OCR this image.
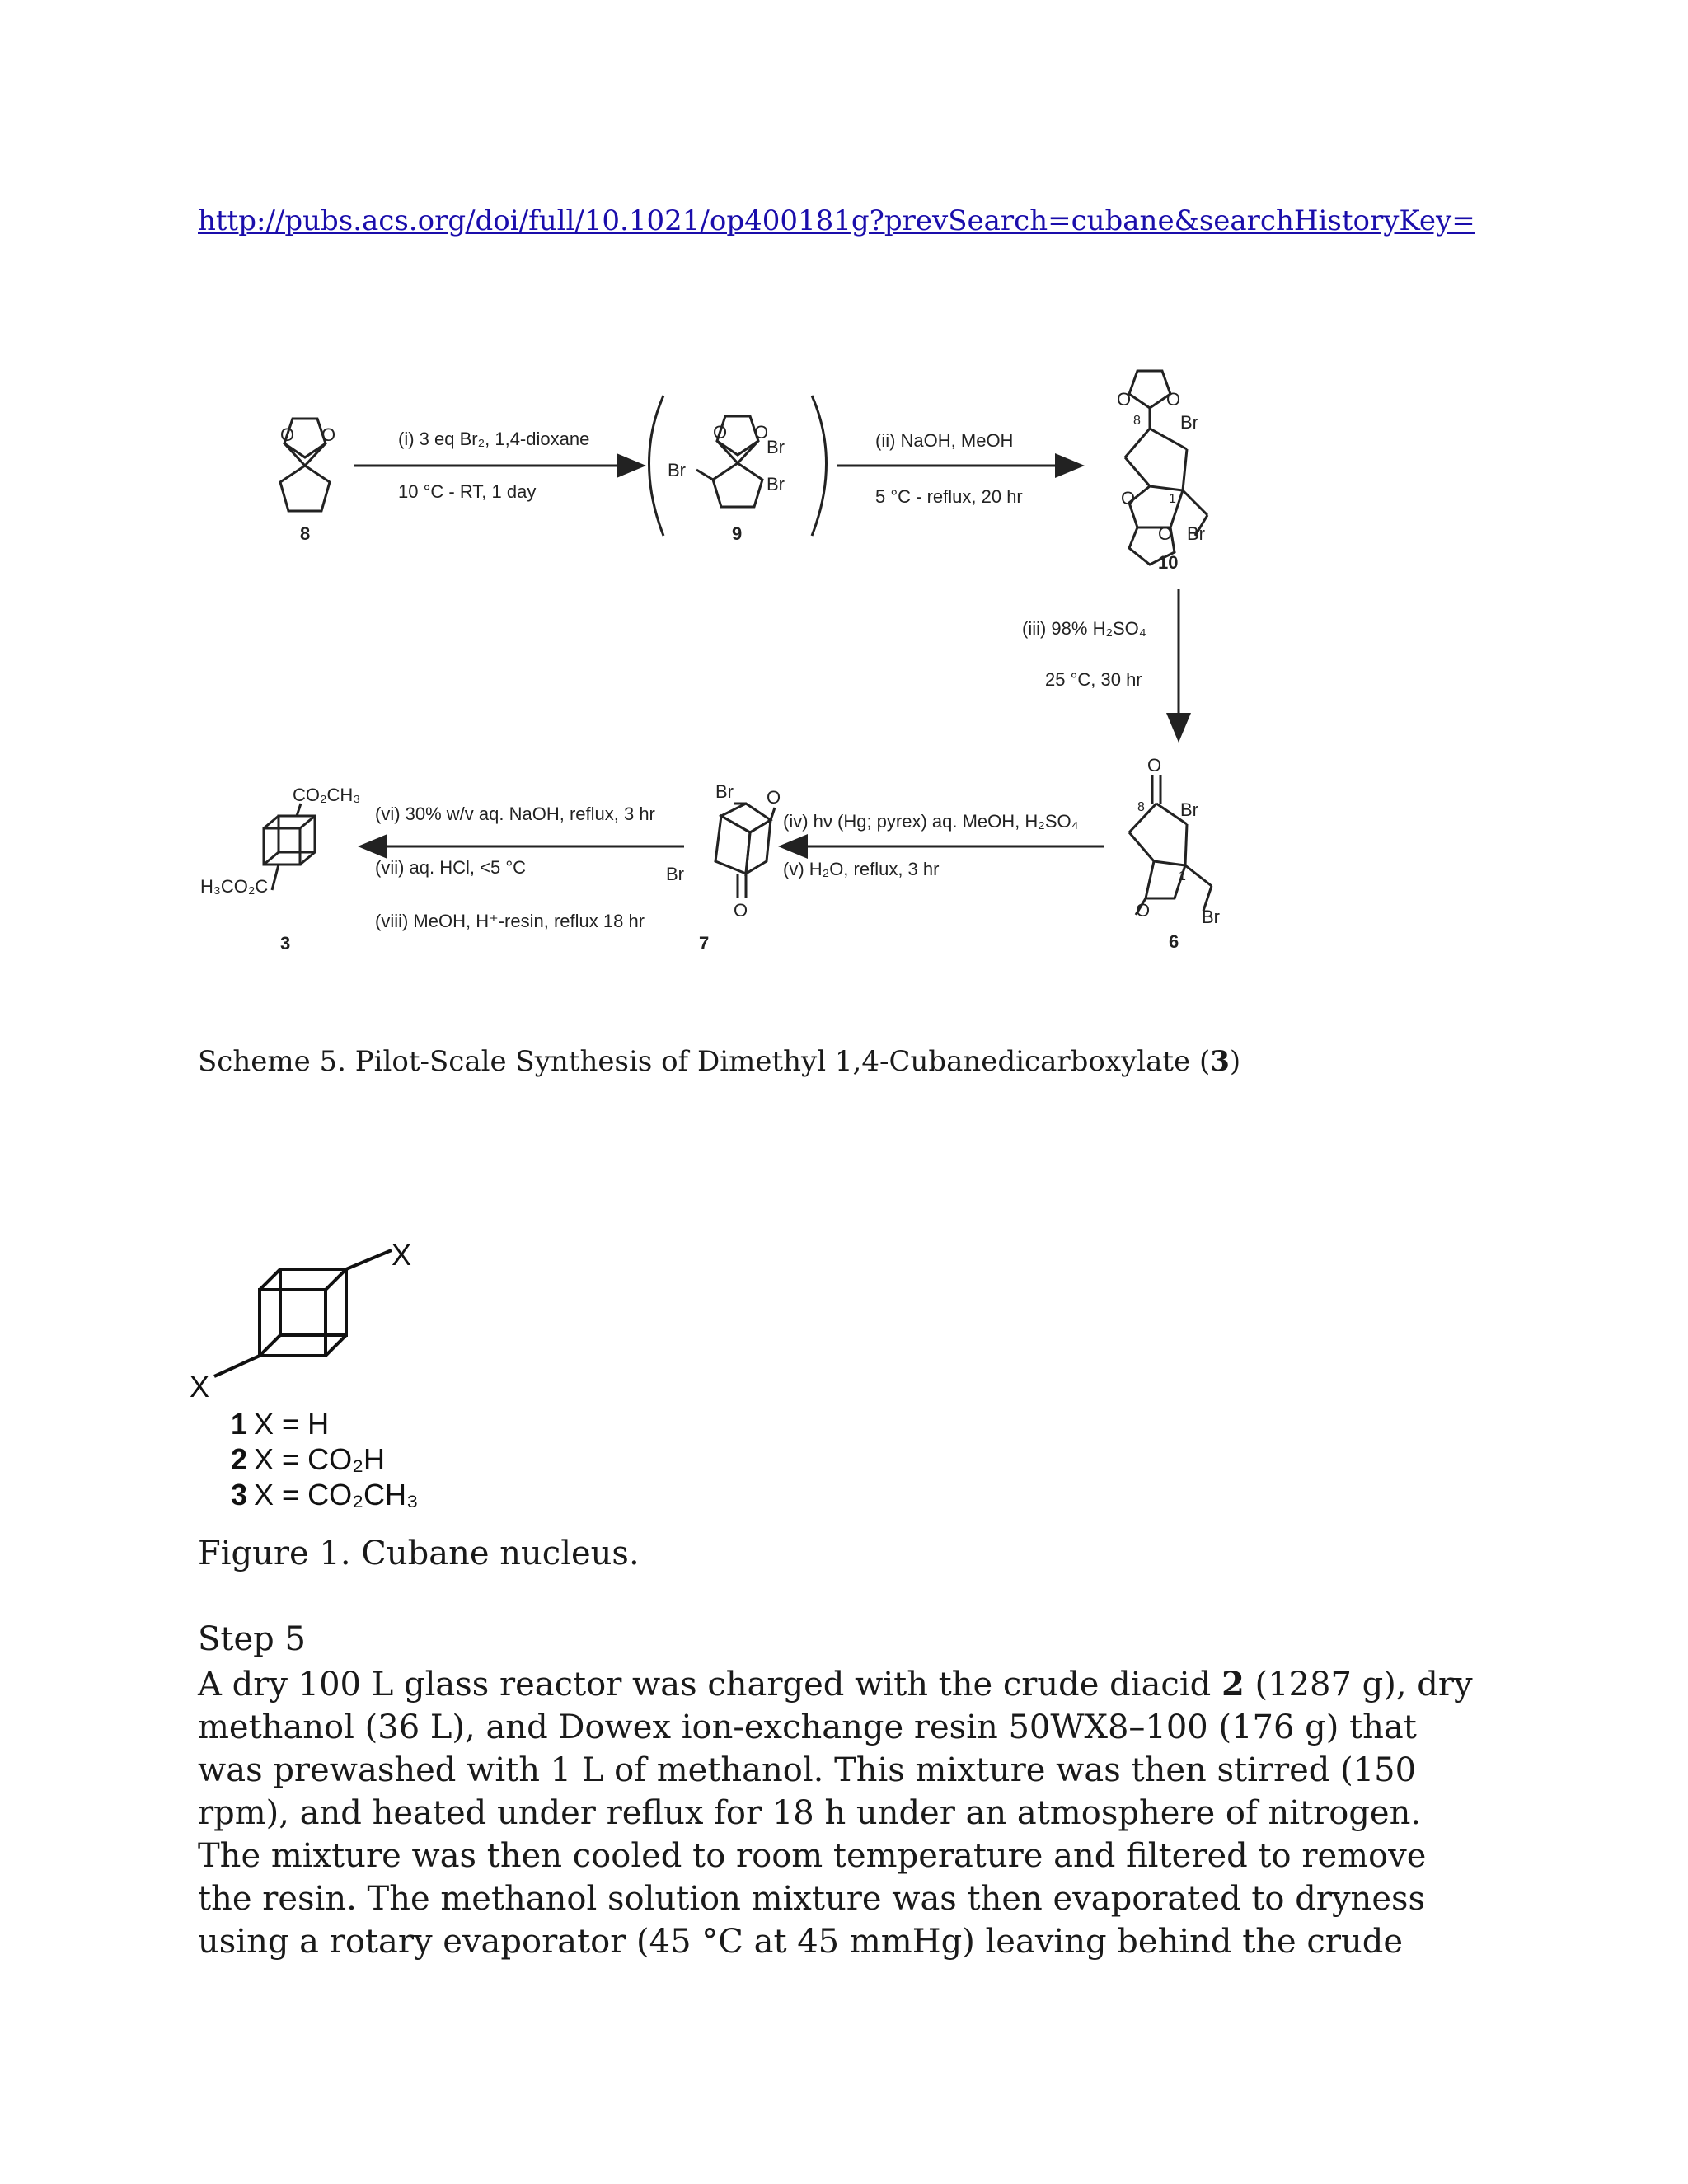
http://pubs.acs.org/doi/full/10.1021/op400181g?prevSearch=cubane&searchHistoryKey=
O O
8
O O
Br
Br
Br
9
O O
8 Br
1
O
O Br
10
(i) 3 eq Br₂, 1,4-dioxane
10 °C - RT, 1 day
(ii) NaOH, MeOH
5 °C - reflux, 20 hr
(iii) 98% H₂SO₄
25 °C, 30 hr
O
8 Br
1
O	Br
6
(iv) hν (Hg; pyrex) aq. MeOH, H₂SO₄
(v) H₂O, reflux, 3 hr
Br O
Br
O
7
(vi) 30% w/v aq. NaOH, reflux, 3 hr
(vii) aq. HCl, <5 °C
(viii) MeOH, H⁺-resin, reflux 18 hr
CO₂CH₃
H₃CO₂C
3
Scheme 5. Pilot-Scale Synthesis of Dimethyl 1,4-Cubanedicarboxylate (3)
X
X
1 X = H
2 X = CO₂H
3 X = CO₂CH₃
Figure 1. Cubane nucleus.
Step 5
A dry 100 L glass reactor was charged with the crude diacid 2 (1287 g), dry methanol (36 L), and Dowex ion-exchange resin 50WX8–100 (176 g) that was prewashed with 1 L of methanol. This mixture was then stirred (150 rpm), and heated under reflux for 18 h under an atmosphere of nitrogen. The mixture was then cooled to room temperature and filtered to remove the resin. The methanol solution mixture was then evaporated to dryness using a rotary evaporator (45 °C at 45 mmHg) leaving behind the crude
